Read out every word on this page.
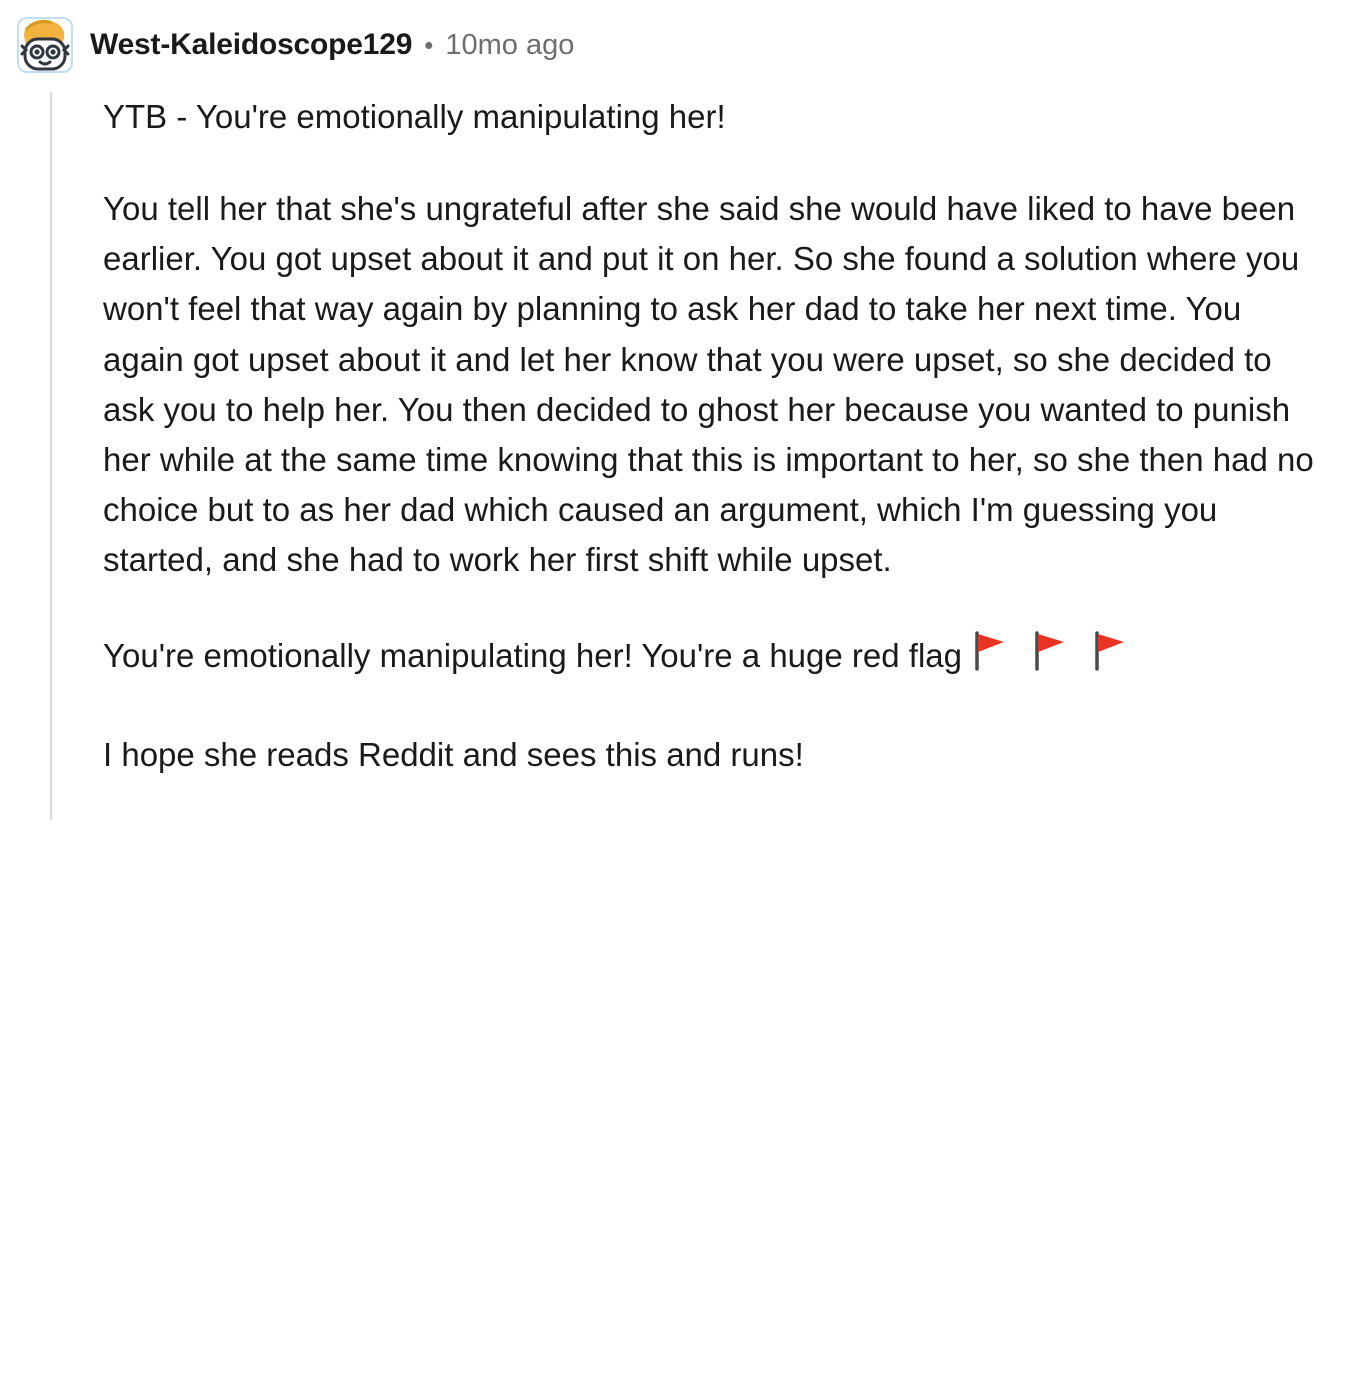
West-Kaleidoscope129 • 10mo ago

YTB - You're emotionally manipulating her!

You tell her that she's ungrateful after she said she would have liked to have been earlier. You got upset about it and put it on her. So she found a solution where you won't feel that way again by planning to ask her dad to take her next time. You again got upset about it and let her know that you were upset, so she decided to ask you to help her. You then decided to ghost her because you wanted to punish her while at the same time knowing that this is important to her, so she then had no choice but to as her dad which caused an argument, which I'm guessing you started, and she had to work her first shift while upset.

You're emotionally manipulating her! You're a huge red flag

I hope she reads Reddit and sees this and runs!
